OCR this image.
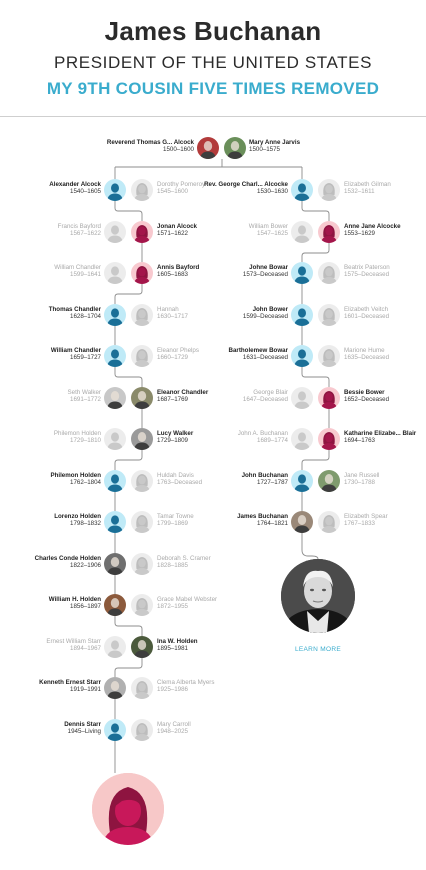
James Buchanan
PRESIDENT OF THE UNITED STATES
MY 9TH COUSIN FIVE TIMES REMOVED
Reverend Thomas G... Alcock
1500–1600
Mary Anne Jarvis
1500–1575
Alexander Alcock
1540–1605
Dorothy Pomeroy
1545–1600
Jonan Alcock
1571–1622
Francis Bayford
1567–1622
Annis Bayford
1605–1683
William Chandler
1599–1641
Thomas Chandler
1628–1704
Hannah
1630–1717
William Chandler
1659–1727
Eleanor Phelps
1660–1729
Eleanor Chandler
1687–1769
Seth Walker
1691–1772
Lucy Walker
1729–1809
Philemon Holden
1729–1810
Philemon Holden
1762–1804
Huldah Davis
1763–Deceased
Lorenzo Holden
1798–1832
Tamar Towne
1799–1869
Charles Conde Holden
1822–1906
Deborah S. Cramer
1828–1885
William H. Holden
1856–1897
Grace Mabel Webster
1872–1955
Ina W. Holden
1895–1981
Ernest William Starr
1894–1967
Kenneth Ernest Starr
1919–1991
Clema Alberta Myers
1925–1986
Dennis Starr
1945–Living
Mary Carroll
1948–2025
Rev. George Charl... Alcocke
1530–1630
Elizabeth Gilman
1532–1611
Anne Jane Alcocke
1553–1629
William Bower
1547–1625
Johne Bowar
1573–Deceased
Beatrix Paterson
1575–Deceased
John Bower
1599–Deceased
Elizabeth Veitch
1601–Deceased
Bartholemew Bowar
1631–Deceased
Marione Hume
1635–Deceased
Bessie Bower
1652–Deceased
George Blair
1647–Deceased
Katharine Elizabe... Blair
1694–1763
John A. Buchanan
1689–1774
John Buchanan
1727–1787
Jane Russell
1730–1788
James Buchanan
1764–1821
Elizabeth Spear
1767–1833
LEARN MORE
